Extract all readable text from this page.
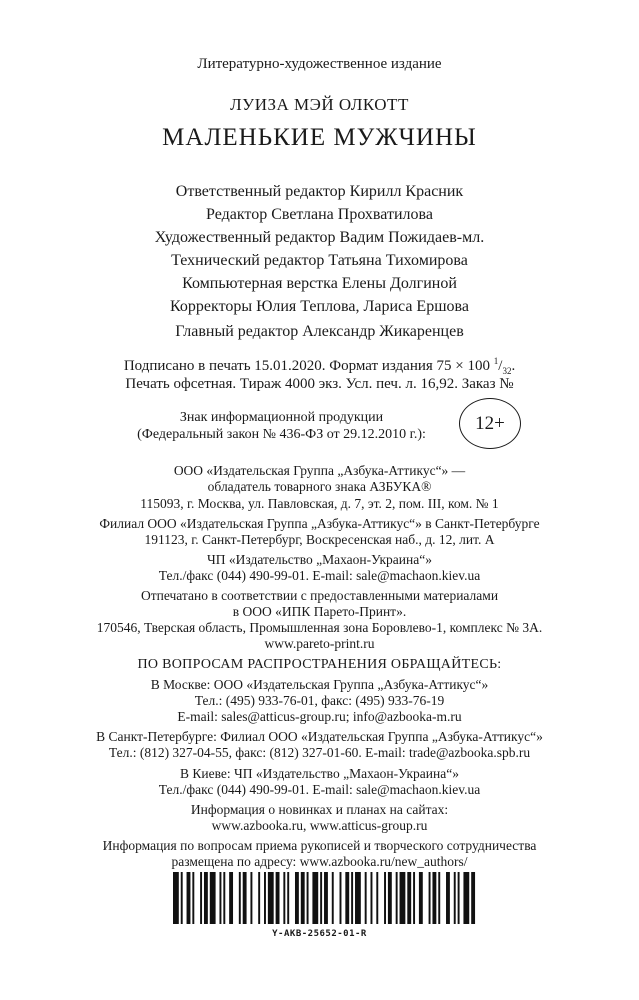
Литературно-художественное издание
ЛУИЗА МЭЙ ОЛКОТТ
МАЛЕНЬКИЕ МУЖЧИНЫ
Ответственный редактор Кирилл Красник
Редактор Светлана Прохватилова
Художественный редактор Вадим Пожидаев-мл.
Технический редактор Татьяна Тихомирова
Компьютерная верстка Елены Долгиной
Корректоры Юлия Теплова, Лариса Ершова
Главный редактор Александр Жикаренцев
Подписано в печать 15.01.2020. Формат издания 75 × 100 $^1/_{32}$.
Печать офсетная. Тираж 4000 экз. Усл. печ. л. 16,92. Заказ №
Знак информационной продукции
(Федеральный закон № 436-ФЗ от 29.12.2010 г.):
12+
ООО «Издательская Группа „Азбука-Аттикус“» —
обладатель товарного знака АЗБУКА®
115093, г. Москва, ул. Павловская, д. 7, эт. 2, пом. III, ком. № 1
Филиал ООО «Издательская Группа „Азбука-Аттикус“» в Санкт-Петербурге
191123, г. Санкт-Петербург, Воскресенская наб., д. 12, лит. А
ЧП «Издательство „Махаон-Украина“»
Тел./факс (044) 490-99-01. E-mail: sale@machaon.kiev.ua
Отпечатано в соответствии с предоставленными материалами
в ООО «ИПК Парето-Принт».
170546, Тверская область, Промышленная зона Боровлево-1, комплекс № 3А.
www.pareto-print.ru
ПО ВОПРОСАМ РАСПРОСТРАНЕНИЯ ОБРАЩАЙТЕСЬ:
В Москве: ООО «Издательская Группа „Азбука-Аттикус“»
Тел.: (495) 933-76-01, факс: (495) 933-76-19
E-mail: sales@atticus-group.ru; info@azbooka-m.ru
В Санкт-Петербурге: Филиал ООО «Издательская Группа „Азбука-Аттикус“»
Тел.: (812) 327-04-55, факс: (812) 327-01-60. E-mail: trade@azbooka.spb.ru
В Киеве: ЧП «Издательство „Махаон-Украина“»
Тел./факс (044) 490-99-01. E-mail: sale@machaon.kiev.ua
Информация о новинках и планах на сайтах:
www.azbooka.ru, www.atticus-group.ru
Информация по вопросам приема рукописей и творческого сотрудничества
размещена по адресу: www.azbooka.ru/new_authors/
Y-AKB-25652-01-R
